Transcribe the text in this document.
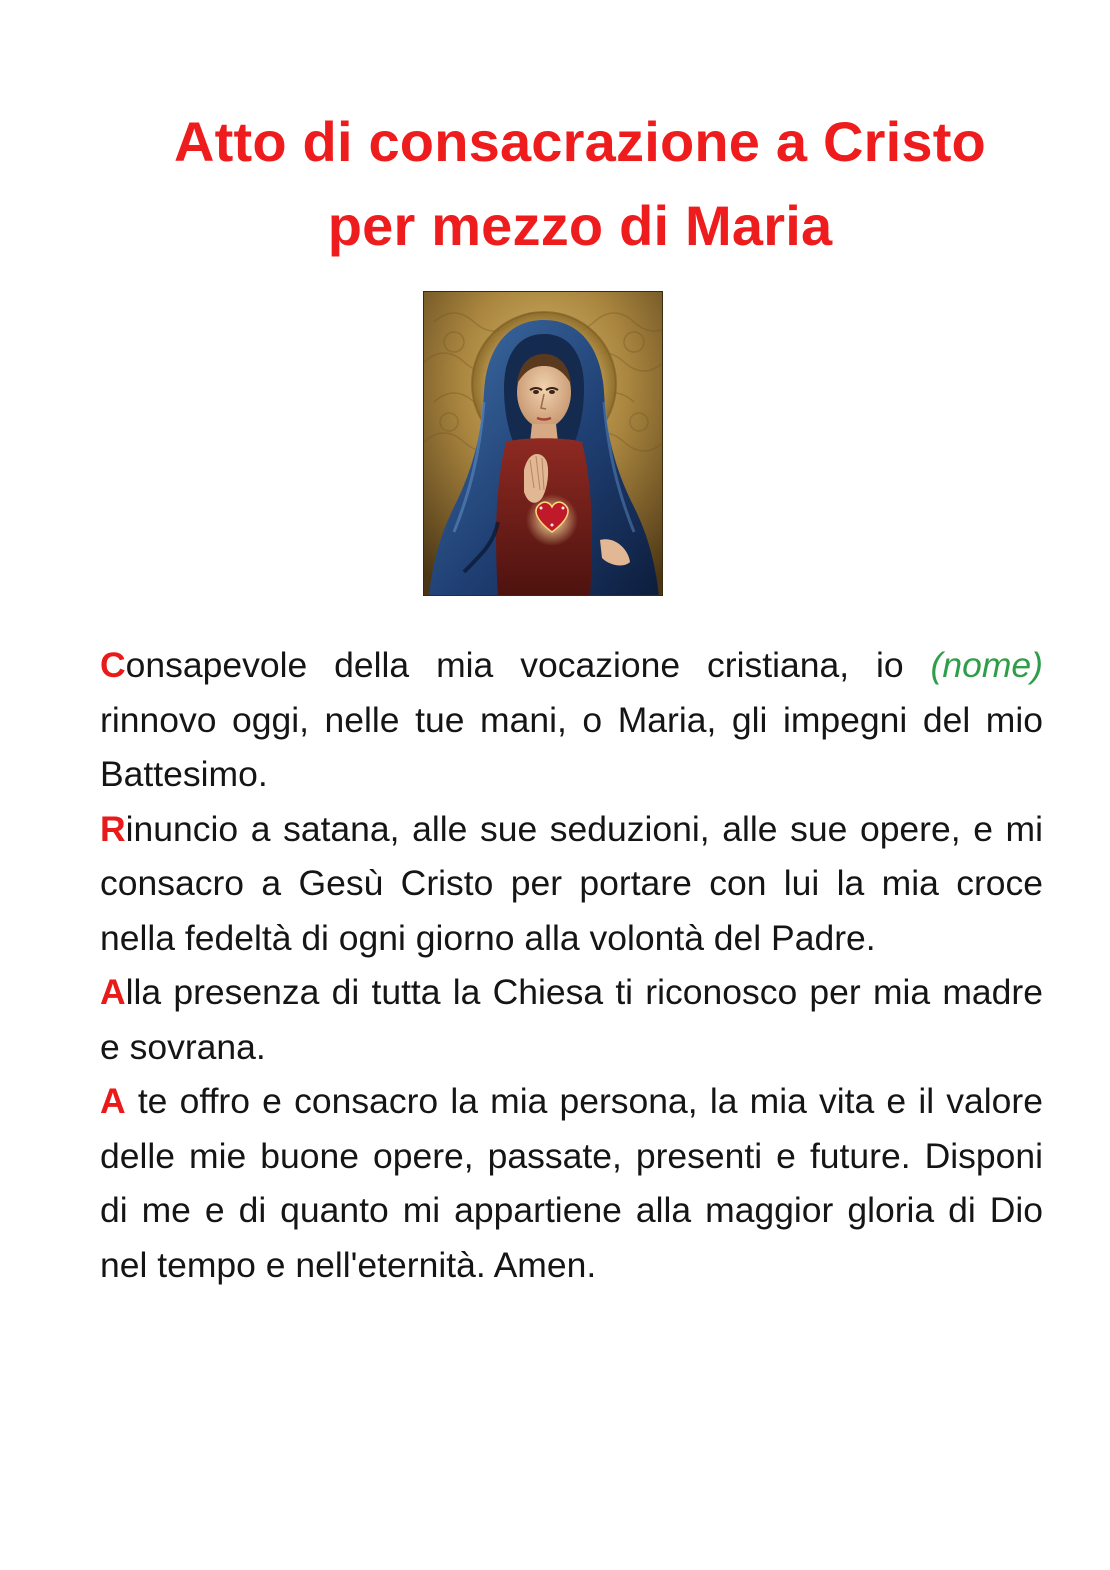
Atto di consacrazione a Cristo
per mezzo di Maria

Consapevole della mia vocazione cristiana, io (nome) rinnovo oggi, nelle tue mani, o Maria, gli impegni del mio Battesimo.

Rinuncio a satana, alle sue seduzioni, alle sue opere, e mi consacro a Gesù Cristo per portare con lui la mia croce nella fedeltà di ogni giorno alla volontà del Padre.

Alla presenza di tutta la Chiesa ti riconosco per mia madre e sovrana.

A te offro e consacro la mia persona, la mia vita e il valore delle mie buone opere, passate, presenti e future. Disponi di me e di quanto mi appartiene alla maggior gloria di Dio nel tempo e nell'eternità. Amen.
